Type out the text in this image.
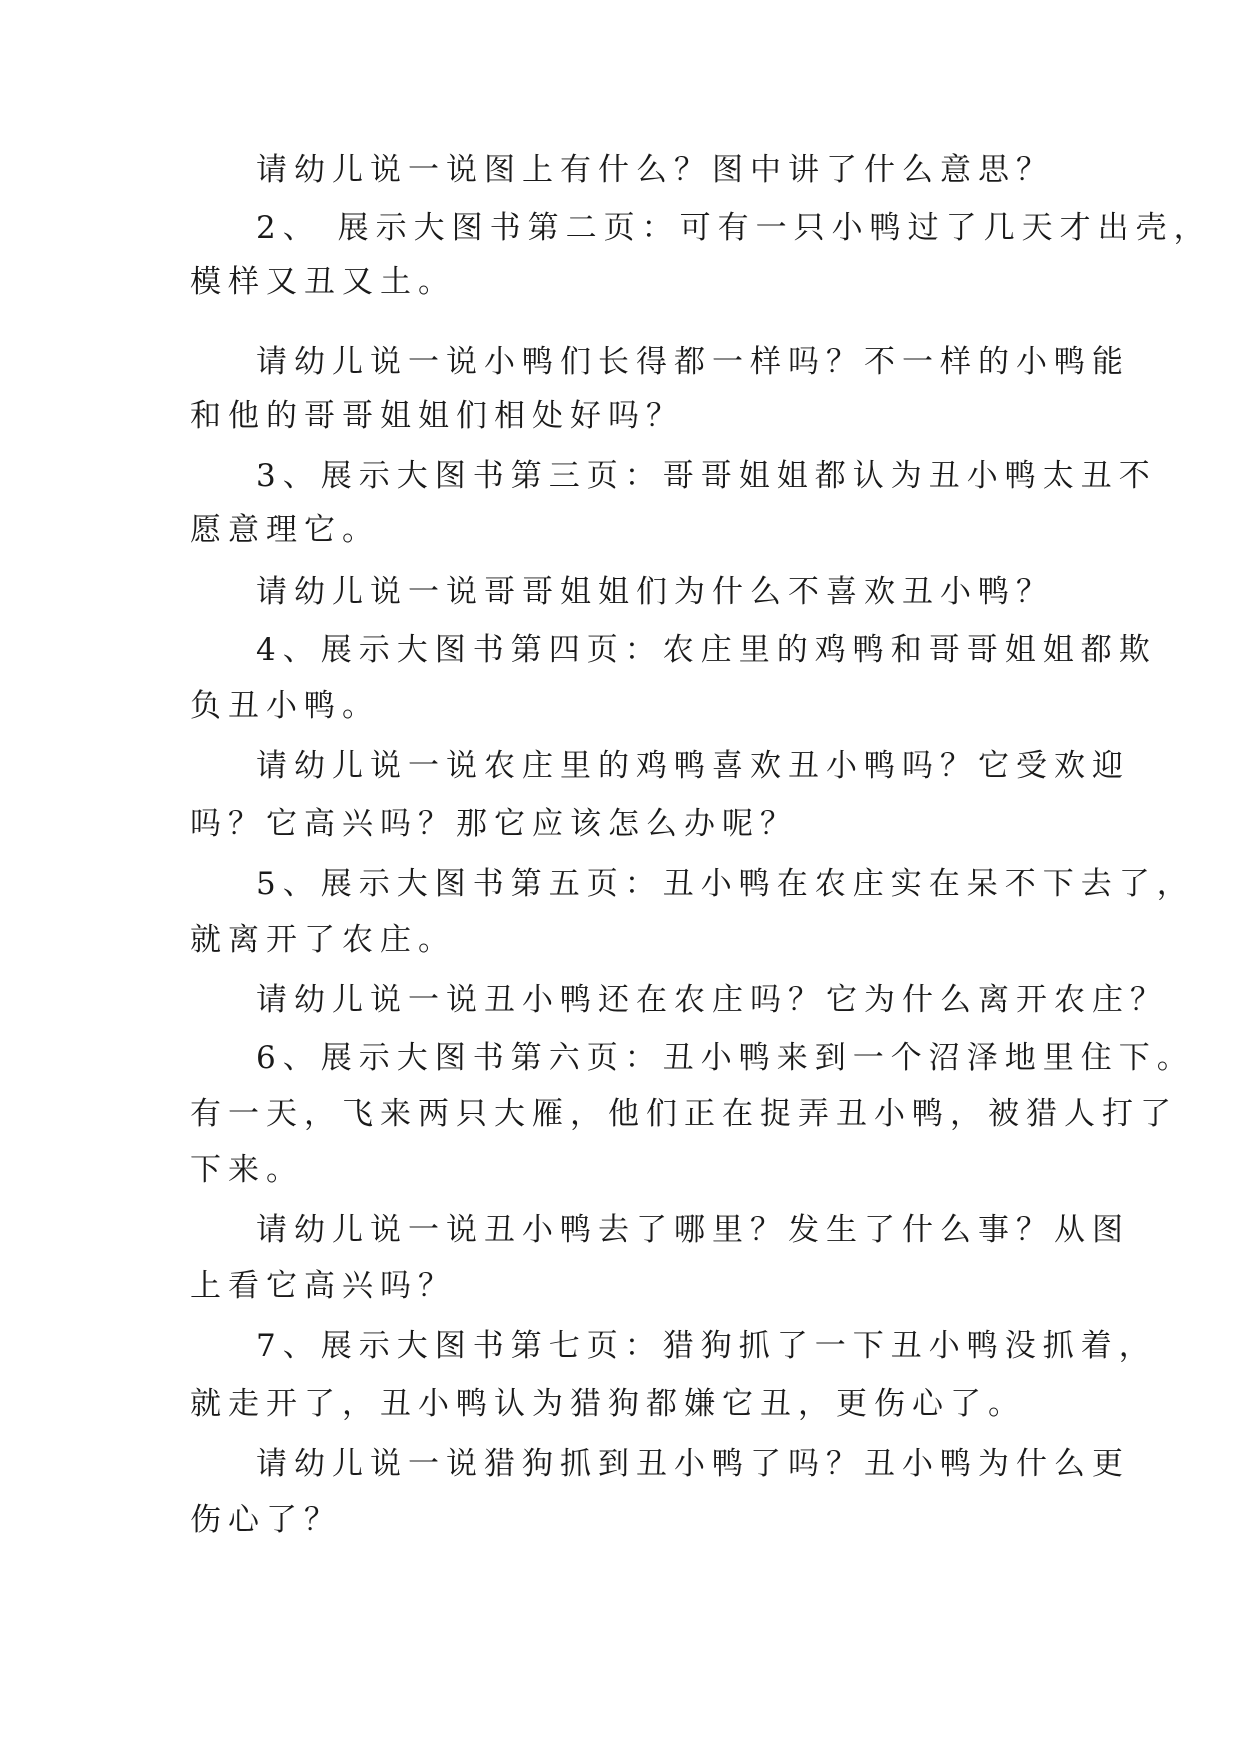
请幼儿说一说图上有什么？图中讲了什么意思？

2、 展示大图书第二页：可有一只小鸭过了几天才出壳，

模样又丑又土。

请幼儿说一说小鸭们长得都一样吗？不一样的小鸭能

和他的哥哥姐姐们相处好吗？

3、展示大图书第三页：哥哥姐姐都认为丑小鸭太丑不

愿意理它。

请幼儿说一说哥哥姐姐们为什么不喜欢丑小鸭？

4、展示大图书第四页：农庄里的鸡鸭和哥哥姐姐都欺

负丑小鸭。

请幼儿说一说农庄里的鸡鸭喜欢丑小鸭吗？它受欢迎

吗？它高兴吗？那它应该怎么办呢？

5、展示大图书第五页：丑小鸭在农庄实在呆不下去了，

就离开了农庄。

请幼儿说一说丑小鸭还在农庄吗？它为什么离开农庄？

6、展示大图书第六页：丑小鸭来到一个沼泽地里住下。

有一天，飞来两只大雁，他们正在捉弄丑小鸭，被猎人打了

下来。

请幼儿说一说丑小鸭去了哪里？发生了什么事？从图

上看它高兴吗？

7、展示大图书第七页：猎狗抓了一下丑小鸭没抓着，

就走开了，丑小鸭认为猎狗都嫌它丑，更伤心了。

请幼儿说一说猎狗抓到丑小鸭了吗？丑小鸭为什么更

伤心了？
